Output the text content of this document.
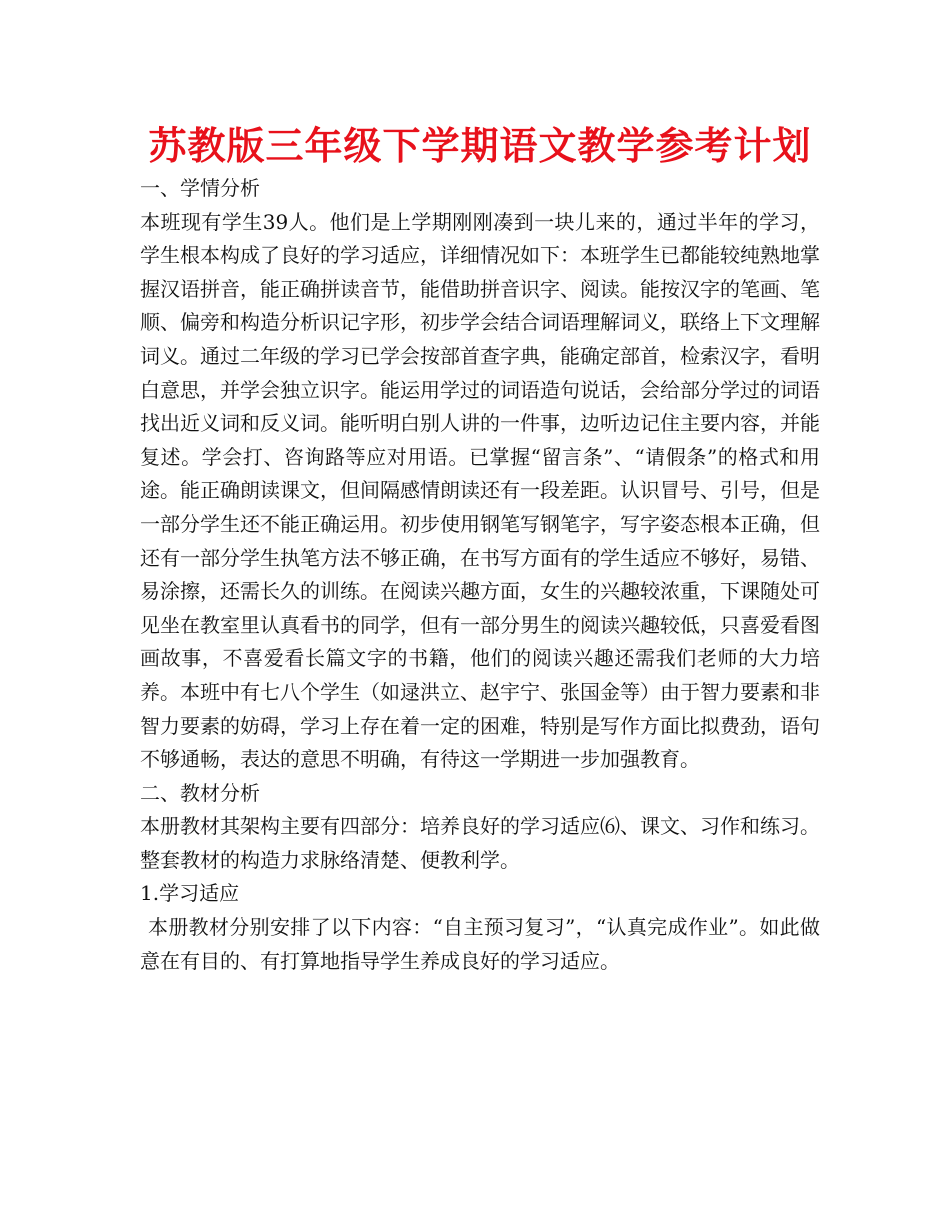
苏教版三年级下学期语文教学参考计划
一、学情分析

本班现有学生39人。他们是上学期刚刚凑到一块儿来的，通过半年的学习，学生根本构成了良好的学习适应，详细情况如下：本班学生已都能较纯熟地掌握汉语拼音，能正确拼读音节，能借助拼音识字、阅读。能按汉字的笔画、笔顺、偏旁和构造分析识记字形，初步学会结合词语理解词义，联络上下文理解词义。通过二年级的学习已学会按部首查字典，能确定部首，检索汉字，看明白意思，并学会独立识字。能运用学过的词语造句说话，会给部分学过的词语找出近义词和反义词。能听明白别人讲的一件事，边听边记住主要内容，并能复述。学会打、咨询路等应对用语。已掌握“留言条”、“请假条”的格式和用途。能正确朗读课文，但间隔感情朗读还有一段差距。认识冒号、引号，但是一部分学生还不能正确运用。初步使用钢笔写钢笔字，写字姿态根本正确，但还有一部分学生执笔方法不够正确，在书写方面有的学生适应不够好，易错、易涂擦，还需长久的训练。在阅读兴趣方面，女生的兴趣较浓重，下课随处可见坐在教室里认真看书的同学，但有一部分男生的阅读兴趣较低，只喜爱看图画故事，不喜爱看长篇文字的书籍，他们的阅读兴趣还需我们老师的大力培养。本班中有七八个学生（如逯洪立、赵宇宁、张国金等）由于智力要素和非智力要素的妨碍，学习上存在着一定的困难，特别是写作方面比拟费劲，语句不够通畅，表达的意思不明确，有待这一学期进一步加强教育。

二、教材分析

本册教材其架构主要有四部分：培养良好的学习适应⑹、课文、习作和练习。整套教材的构造力求脉络清楚、便教利学。

1.学习适应

本册教材分别安排了以下内容：“自主预习复习”，“认真完成作业”。如此做意在有目的、有打算地指导学生养成良好的学习适应。
